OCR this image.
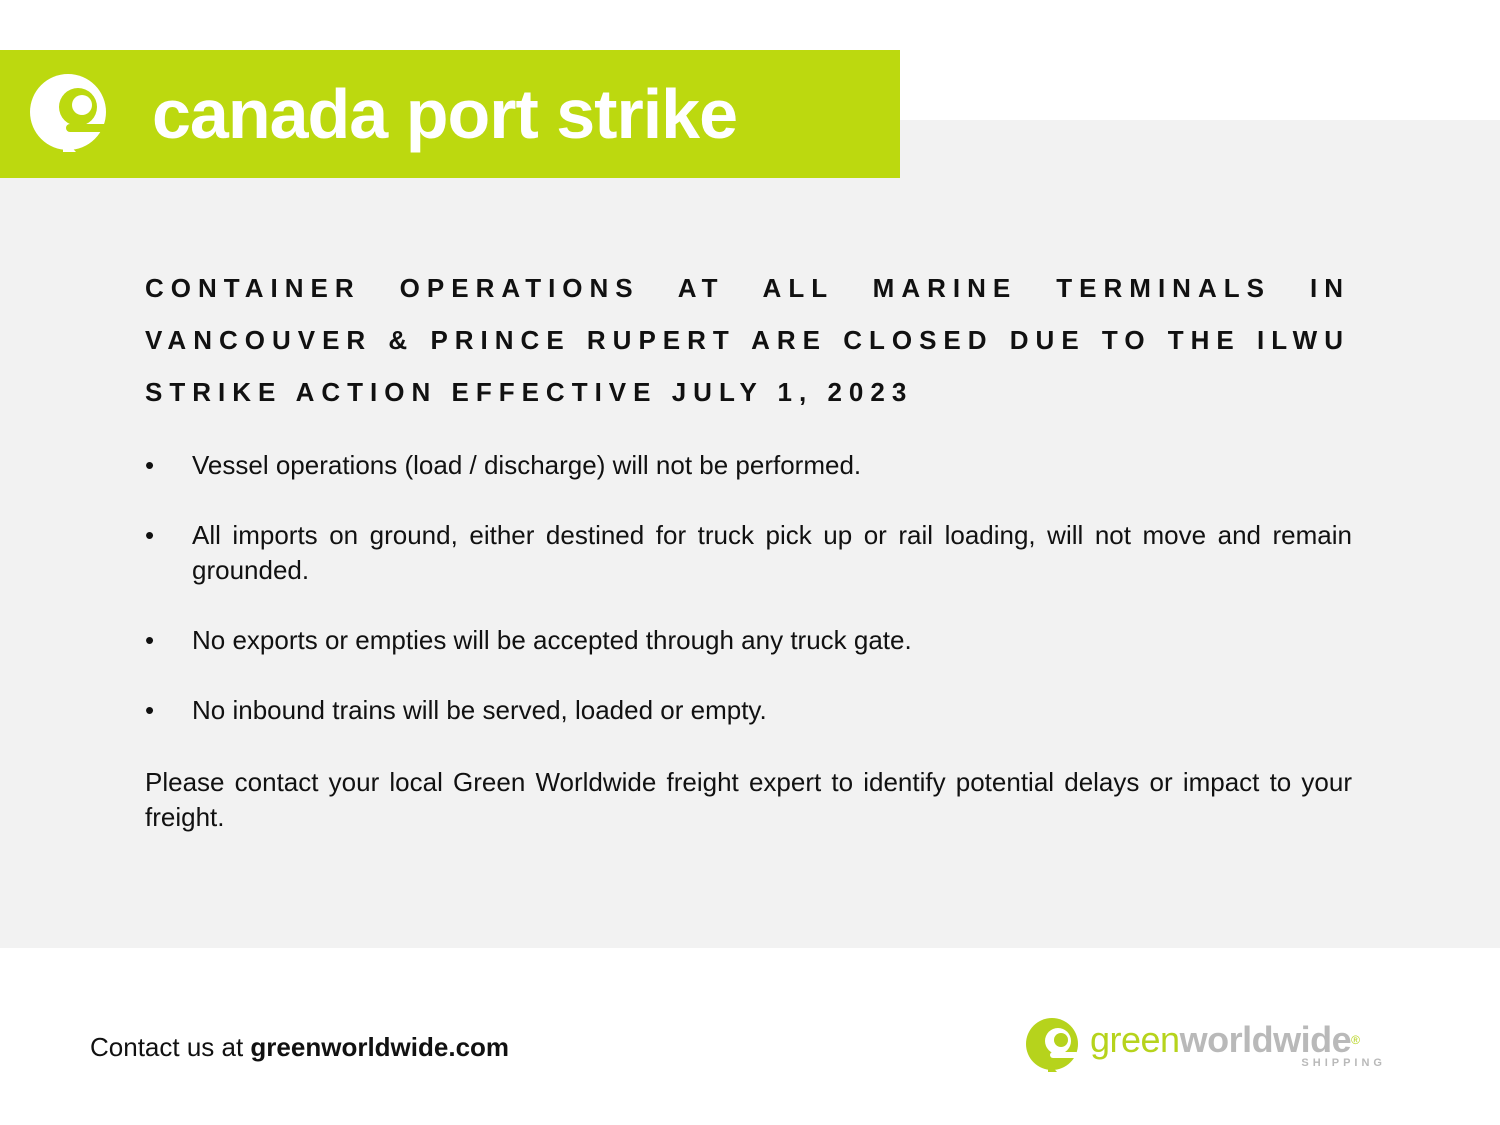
canada port strike
CONTAINER OPERATIONS AT ALL MARINE TERMINALS IN VANCOUVER & PRINCE RUPERT ARE CLOSED DUE TO THE ILWU STRIKE ACTION EFFECTIVE JULY 1, 2023
• Vessel operations (load / discharge) will not be performed.
• All imports on ground, either destined for truck pick up or rail loading, will not move and remain grounded.
• No exports or empties will be accepted through any truck gate.
• No inbound trains will be served, loaded or empty.

Please contact your local Green Worldwide freight expert to identify potential delays or impact to your freight.

Contact us at greenworldwide.com	greenworldwide®
SHIPPING
